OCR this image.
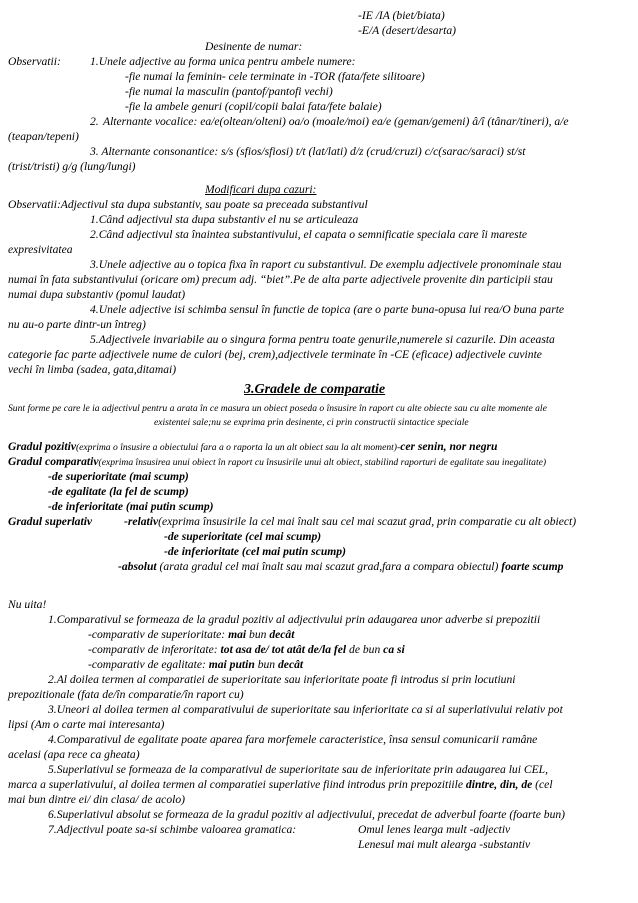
-IE /IA (biet/biata)
-E/A (desert/desarta)
Desinente de numar:
Observatii:	1.Unele adjective au forma unica pentru ambele numere:
-fie numai la feminin- cele terminate in -TOR (fata/fete silitoare)
-fie numai la masculin (pantof/pantofi vechi)
-fie la ambele genuri (copil/copii balai fata/fete balaie)
2. Alternante vocalice: ea/e(oltean/olteni) oa/o (moale/moi) ea/e (geman/gemeni) â/î (tânar/tineri), a/e
(teapan/tepeni)
3. Alternante consonantice: s/s (sfios/sfiosi) t/t (lat/lati) d/z (crud/cruzi) c/c(sarac/saraci) st/st
(trist/tristi) g/g (lung/lungi)
Modificari dupa cazuri:
Observatii:Adjectivul sta dupa substantiv, sau poate sa preceada substantivul
1.Când adjectivul sta dupa substantiv el nu se articuleaza
2.Când adjectivul sta înaintea substantivului, el capata o semnificatie speciala care îi mareste
expresivitatea
3.Unele adjective au o topica fixa în raport cu substantivul. De exemplu adjectivele pronominale stau
numai în fata substantivului (oricare om) precum adj. “biet”.Pe de alta parte adjectivele provenite din participii stau
numai dupa substantiv (pomul laudat)
4.Unele adjective isi schimba sensul în functie de topica (are o parte buna-opusa lui rea/O buna parte
nu au-o parte dintr-un întreg)
5.Adjectivele invariabile au o singura forma pentru toate genurile,numerele si cazurile. Din aceasta
categorie fac parte adjectivele nume de culori (bej, crem),adjectivele terminate în -CE (eficace) adjectivele cuvinte
vechi în limba (sadea, gata,ditamai)
3.Gradele de comparatie
Sunt forme pe care le ia adjectivul pentru a arata în ce masura un obiect poseda o însusire în raport cu alte obiecte sau cu alte momente ale
existentei sale;nu se exprima prin desinente, ci prin constructii sintactice speciale
Gradul pozitiv(exprima o însusire a obiectului fara a o raporta la un alt obiect sau la alt moment)-cer senin, nor negru
Gradul comparativ(exprima însusirea unui obiect în raport cu însusirile unui alt obiect, stabilind raporturi de egalitate sau inegalitate)
-de superioritate (mai scump)
-de egalitate (la fel de scump)
-de inferioritate (mai putin scump)
Gradul superlativ	-relativ(exprima însusirile la cel mai înalt sau cel mai scazut grad, prin comparatie cu alt obiect)
-de superioritate (cel mai scump)
-de inferioritate (cel mai putin scump)
-absolut (arata gradul cel mai înalt sau mai scazut grad,fara a compara obiectul) foarte scump
Nu uita!
1.Comparativul se formeaza de la gradul pozitiv al adjectivului prin adaugarea unor adverbe si prepozitii
-comparativ de superioritate: mai bun decât
-comparativ de inferoritate: tot asa de/ tot atât de/la fel de bun ca si
-comparativ de egalitate: mai putin bun decât
2.Al doilea termen al comparatiei de superioritate sau inferioritate poate fi introdus si prin locutiuni
prepozitionale (fata de/în comparatie/în raport cu)
3.Uneori al doilea termen al comparativului de superioritate sau inferioritate ca si al superlativului relativ pot
lipsi (Am o carte mai interesanta)
4.Comparativul de egalitate poate aparea fara morfemele caracteristice, însa sensul comunicarii ramâne
acelasi (apa rece ca gheata)
5.Superlativul se formeaza de la comparativul de superioritate sau de inferioritate prin adaugarea lui CEL,
marca a superlativului, al doilea termen al comparatiei superlative fiind introdus prin prepozitiile dintre, din, de (cel
mai bun dintre ei/ din clasa/ de acolo)
6.Superlativul absolut se formeaza de la gradul pozitiv al adjectivului, precedat de adverbul foarte (foarte bun)
7.Adjectivul poate sa-si schimbe valoarea gramatica:	Omul lenes learga mult -adjectiv
Lenesul mai mult alearga -substantiv
